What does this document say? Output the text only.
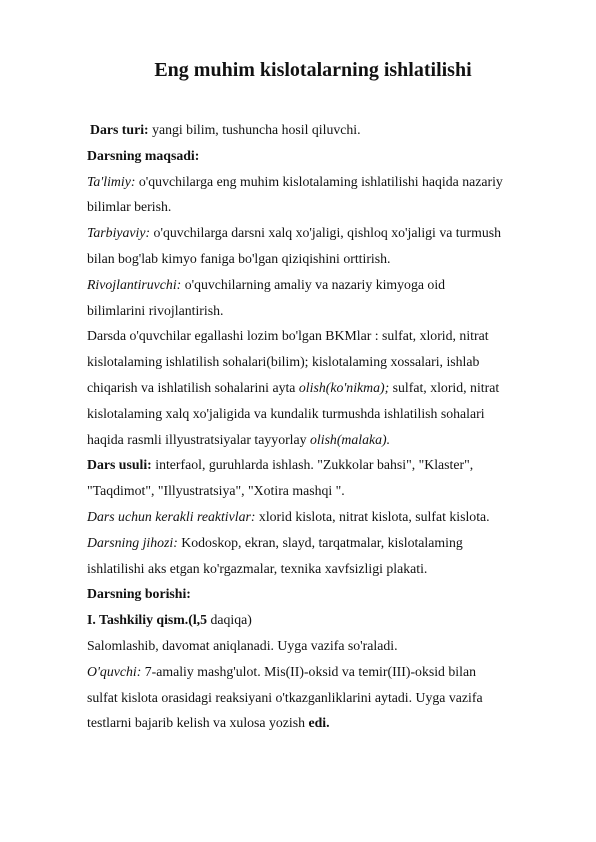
Eng muhim kislotalarning ishlatilishi
Dars turi: yangi bilim, tushuncha hosil qiluvchi.
Darsning maqsadi:
Ta'limiy: o'quvchilarga eng muhim kislotalaming ishlatilishi haqida nazariy
bilimlar berish.
Tarbiyaviy: o'quvchilarga darsni xalq xo'jaligi, qishloq xo'jaligi va turmush
bilan bog'lab kimyo faniga bo'lgan qiziqishini orttirish.
Rivojlantiruvchi: o'quvchilarning amaliy va nazariy kimyoga oid
bilimlarini rivojlantirish.
Darsda o'quvchilar egallashi lozim bo'lgan BKMlar : sulfat, xlorid, nitrat
kislotalaming ishlatilish sohalari(bilim); kislotalaming xossalari, ishlab
chiqarish va ishlatilish sohalarini ayta olish(ko'nikma); sulfat, xlorid, nitrat
kislotalaming xalq xo'jaligida va kundalik turmushda ishlatilish sohalari
haqida rasmli illyustratsiyalar tayyorlay olish(malaka).
Dars usuli: interfaol, guruhlarda ishlash. "Zukkolar bahsi", "Klaster",
"Taqdimot", "Illyustratsiya", "Xotira mashqi ".
Dars uchun kerakli reaktivlar: xlorid kislota, nitrat kislota, sulfat kislota.
Darsning jihozi: Kodoskop, ekran, slayd, tarqatmalar, kislotalaming
ishlatilishi aks etgan ko'rgazmalar, texnika xavfsizligi plakati.
Darsning borishi:
I. Tashkiliy qism.(l,5 daqiqa)
Salomlashib, davomat aniqlanadi. Uyga vazifa so'raladi.
O'quvchi: 7-amaliy mashg'ulot. Mis(II)-oksid va temir(III)-oksid bilan
sulfat kislota orasidagi reaksiyani o'tkazganliklarini aytadi. Uyga vazifa
testlarni bajarib kelish va xulosa yozish edi.
